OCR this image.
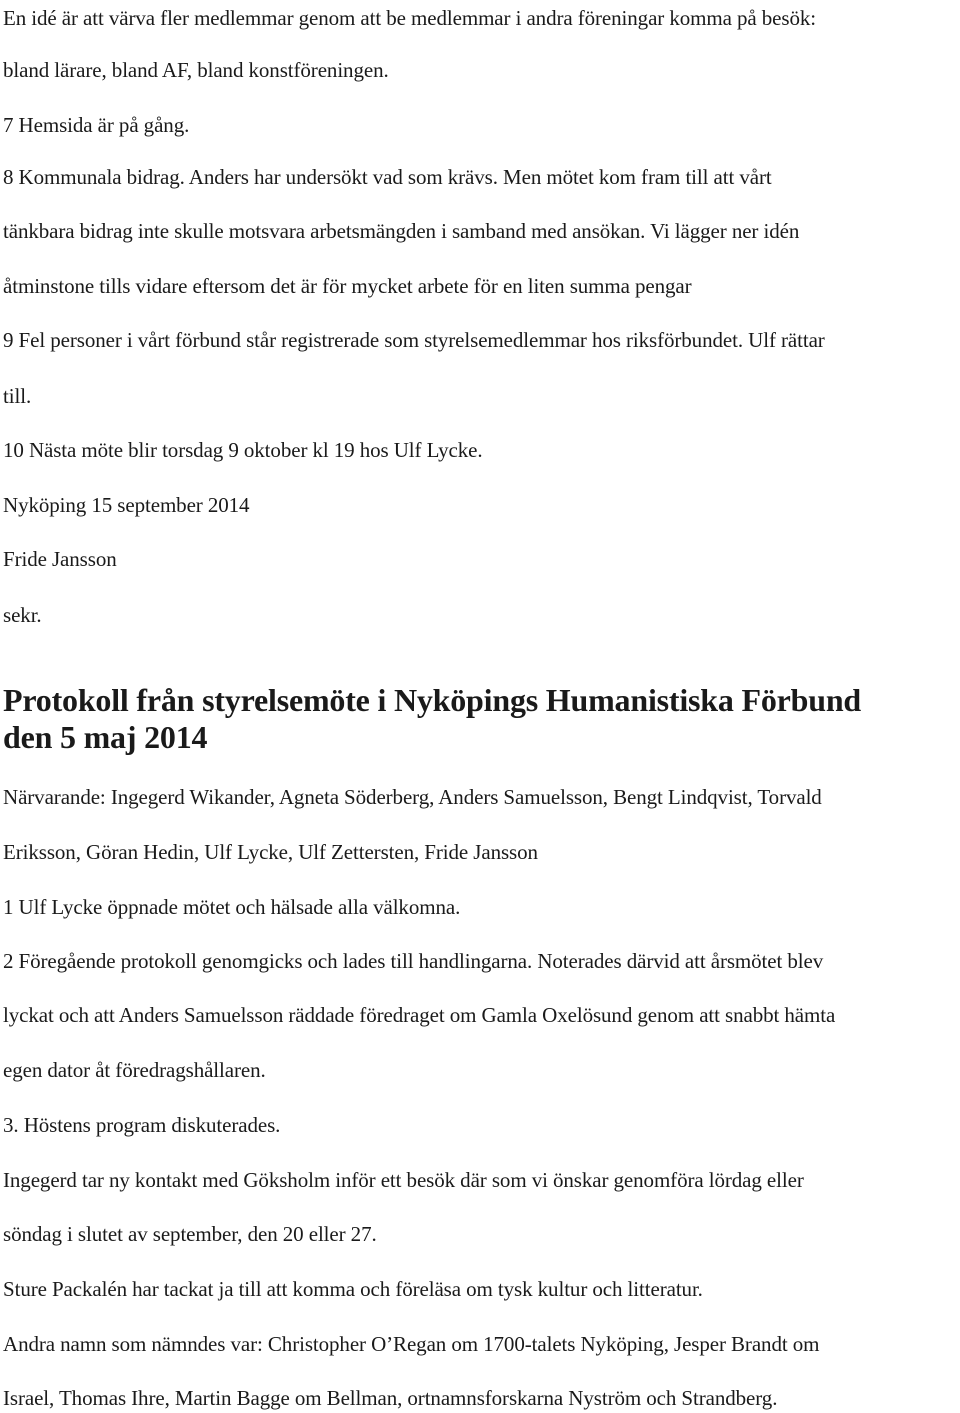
En idé är att värva fler medlemmar genom att be medlemmar i andra föreningar komma på besök:
bland lärare, bland AF, bland konstföreningen.
7 Hemsida är på gång.
8 Kommunala bidrag. Anders har undersökt vad som krävs. Men mötet kom fram till att vårt
tänkbara bidrag inte skulle motsvara arbetsmängden i samband med ansökan. Vi lägger ner idén
åtminstone tills vidare eftersom det är för mycket arbete för en liten summa pengar
9 Fel personer i vårt förbund står registrerade som styrelsemedlemmar hos riksförbundet. Ulf rättar
till.
10 Nästa möte blir torsdag 9 oktober kl 19 hos Ulf Lycke.
Nyköping 15 september 2014
Fride Jansson
sekr.
Protokoll från styrelsemöte i Nyköpings Humanistiska Förbund
den 5 maj 2014
Närvarande: Ingegerd Wikander, Agneta Söderberg, Anders Samuelsson, Bengt Lindqvist, Torvald
Eriksson, Göran Hedin, Ulf Lycke, Ulf Zettersten, Fride Jansson
1 Ulf Lycke öppnade mötet och hälsade alla välkomna.
2 Föregående protokoll genomgicks och lades till handlingarna. Noterades därvid att årsmötet blev
lyckat och att Anders Samuelsson räddade föredraget om Gamla Oxelösund genom att snabbt hämta
egen dator åt föredragshållaren.
3. Höstens program diskuterades.
Ingegerd tar ny kontakt med Göksholm inför ett besök där som vi önskar genomföra lördag eller
söndag i slutet av september, den 20 eller 27.
Sture Packalén har tackat ja till att komma och föreläsa om tysk kultur och litteratur.
Andra namn som nämndes var: Christopher O’Regan om 1700-talets Nyköping, Jesper Brandt om
Israel, Thomas Ihre, Martin Bagge om Bellman, ortnamnsforskarna Nyström och Strandberg.
